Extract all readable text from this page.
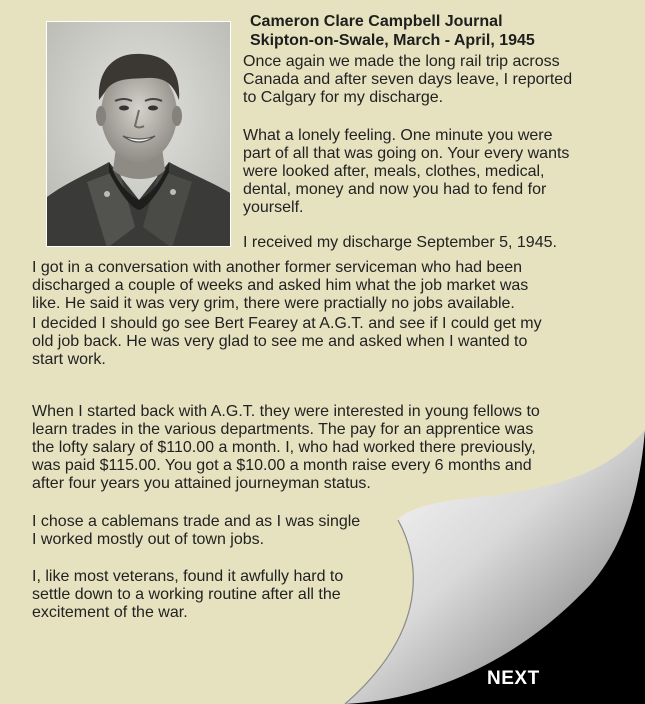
Cameron Clare Campbell Journal
Skipton-on-Swale, March - April, 1945
Once again we made the long rail trip across
Canada and after seven days leave, I reported
to Calgary for my discharge.
What a lonely feeling. One minute you were
part of all that was going on. Your every wants
were looked after, meals, clothes, medical,
dental, money and now you had to fend for
yourself.
I received my discharge September 5, 1945.
I got in a conversation with another former serviceman who had been
discharged a couple of weeks and asked him what the job market was
like. He said it was very grim, there were practially no jobs available.
I decided I should go see Bert Fearey at A.G.T. and see if I could get my
old job back. He was very glad to see me and asked when I wanted to
start work.
When I started back with A.G.T. they were interested in young fellows to
learn trades in the various departments. The pay for an apprentice was
the lofty salary of $110.00 a month. I, who had worked there previously,
was paid $115.00. You got a $10.00 a month raise every 6 months and
after four years you attained journeyman status.
I chose a cablemans trade and as I was single
I worked mostly out of town jobs.
I, like most veterans, found it awfully hard to
settle down to a working routine after all the
excitement of the war.
NEXT
